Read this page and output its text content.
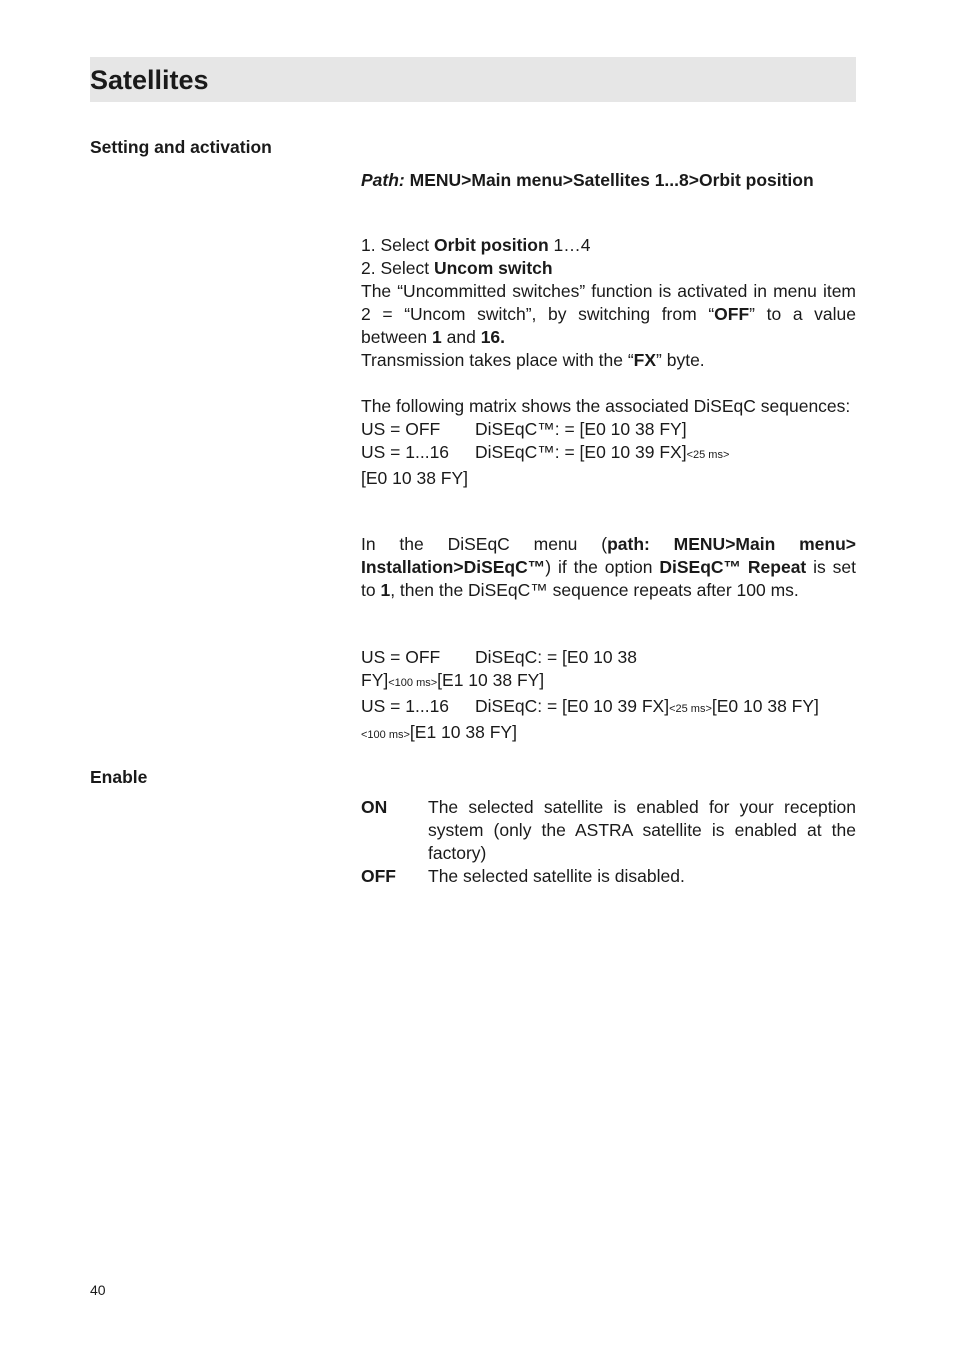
Satellites
Setting and activation
Path: MENU>Main menu>Satellites 1...8>Orbit position
1. Select Orbit position 1…4
2. Select Uncom switch
The “Uncommitted switches” function is activated in menu item 2 = “Uncom switch”, by switching from “OFF” to a value between 1 and 16.
Transmission takes place with the “FX” byte.
The following matrix shows the associated DiSEqC sequences:
US = OFF DiSEqC™: = [E0 10 38 FY]
US = 1...16 DiSEqC™: = [E0 10 39 FX]<25 ms>
[E0 10 38 FY]
In the DiSEqC menu (path: MENU>Main menu> Installation>DiSEqC™) if the option DiSEqC™ Repeat is set to 1, then the DiSEqC™ sequence repeats after 100 ms.
US = OFF DiSEqC: = [E0 10 38
FY]<100 ms>[E1 10 38 FY]
US = 1...16 DiSEqC: = [E0 10 39 FX]<25 ms>[E0 10 38 FY]
<100 ms>[E1 10 38 FY]
Enable
ON	The selected satellite is enabled for your reception system (only the ASTRA satellite is enabled at the factory)
OFF	The selected satellite is disabled.
40
